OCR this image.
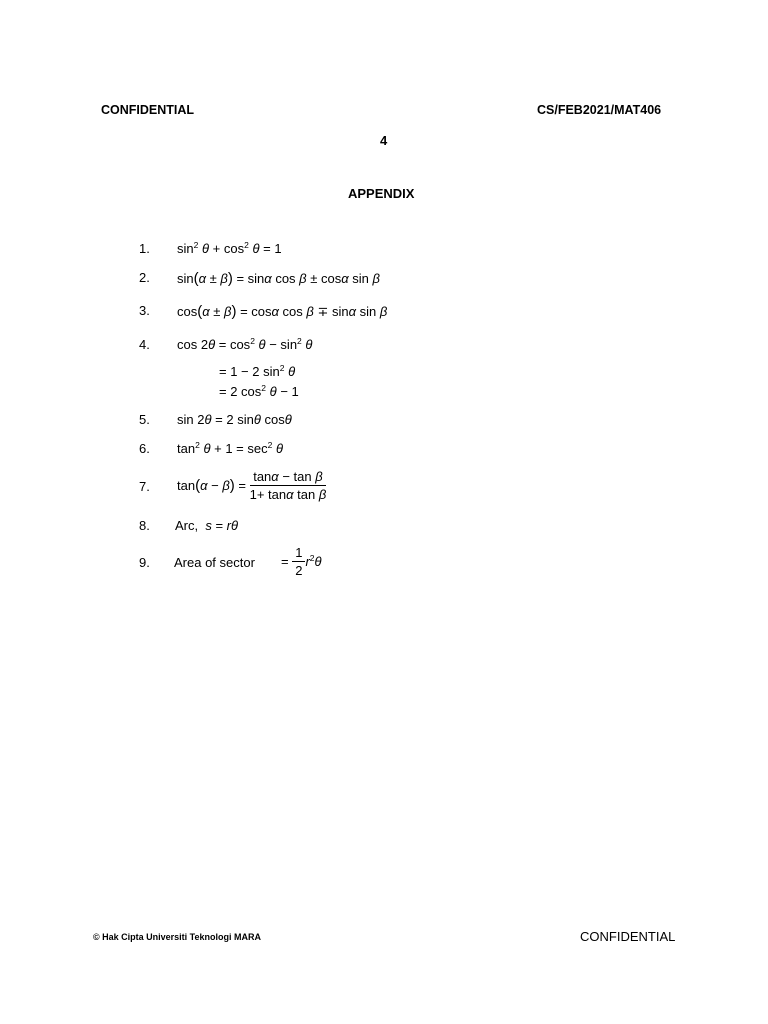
CONFIDENTIAL	CS/FEB2021/MAT406
4
APPENDIX
1. $\sin^2 \theta + \cos^2 \theta = 1$
2. sin(α ± β) = sinα cos β ± cosα sin β
3. cos(α ± β) = cosα cos β ∓ sinα sin β
4. $\cos 2\theta = \cos^2 \theta - \sin^2 \theta$
= 1 − 2 $\sin^2 \theta$
= 2 $\cos^2 \theta - 1$
5. sin 2θ = 2 sinθ cosθ
6. $\tan^2 \theta + 1 = \sec^2 \theta$
7. $\tan(\alpha - \beta) = \frac{\text{tanα − tan β}}{\text{1+ tanα tan β}}$
8. Arc,  s = rθ
9. Area of sector = $\frac{1}{2} r^2\theta$
© Hak Cipta Universiti Teknologi MARA	CONFIDENTIAL
